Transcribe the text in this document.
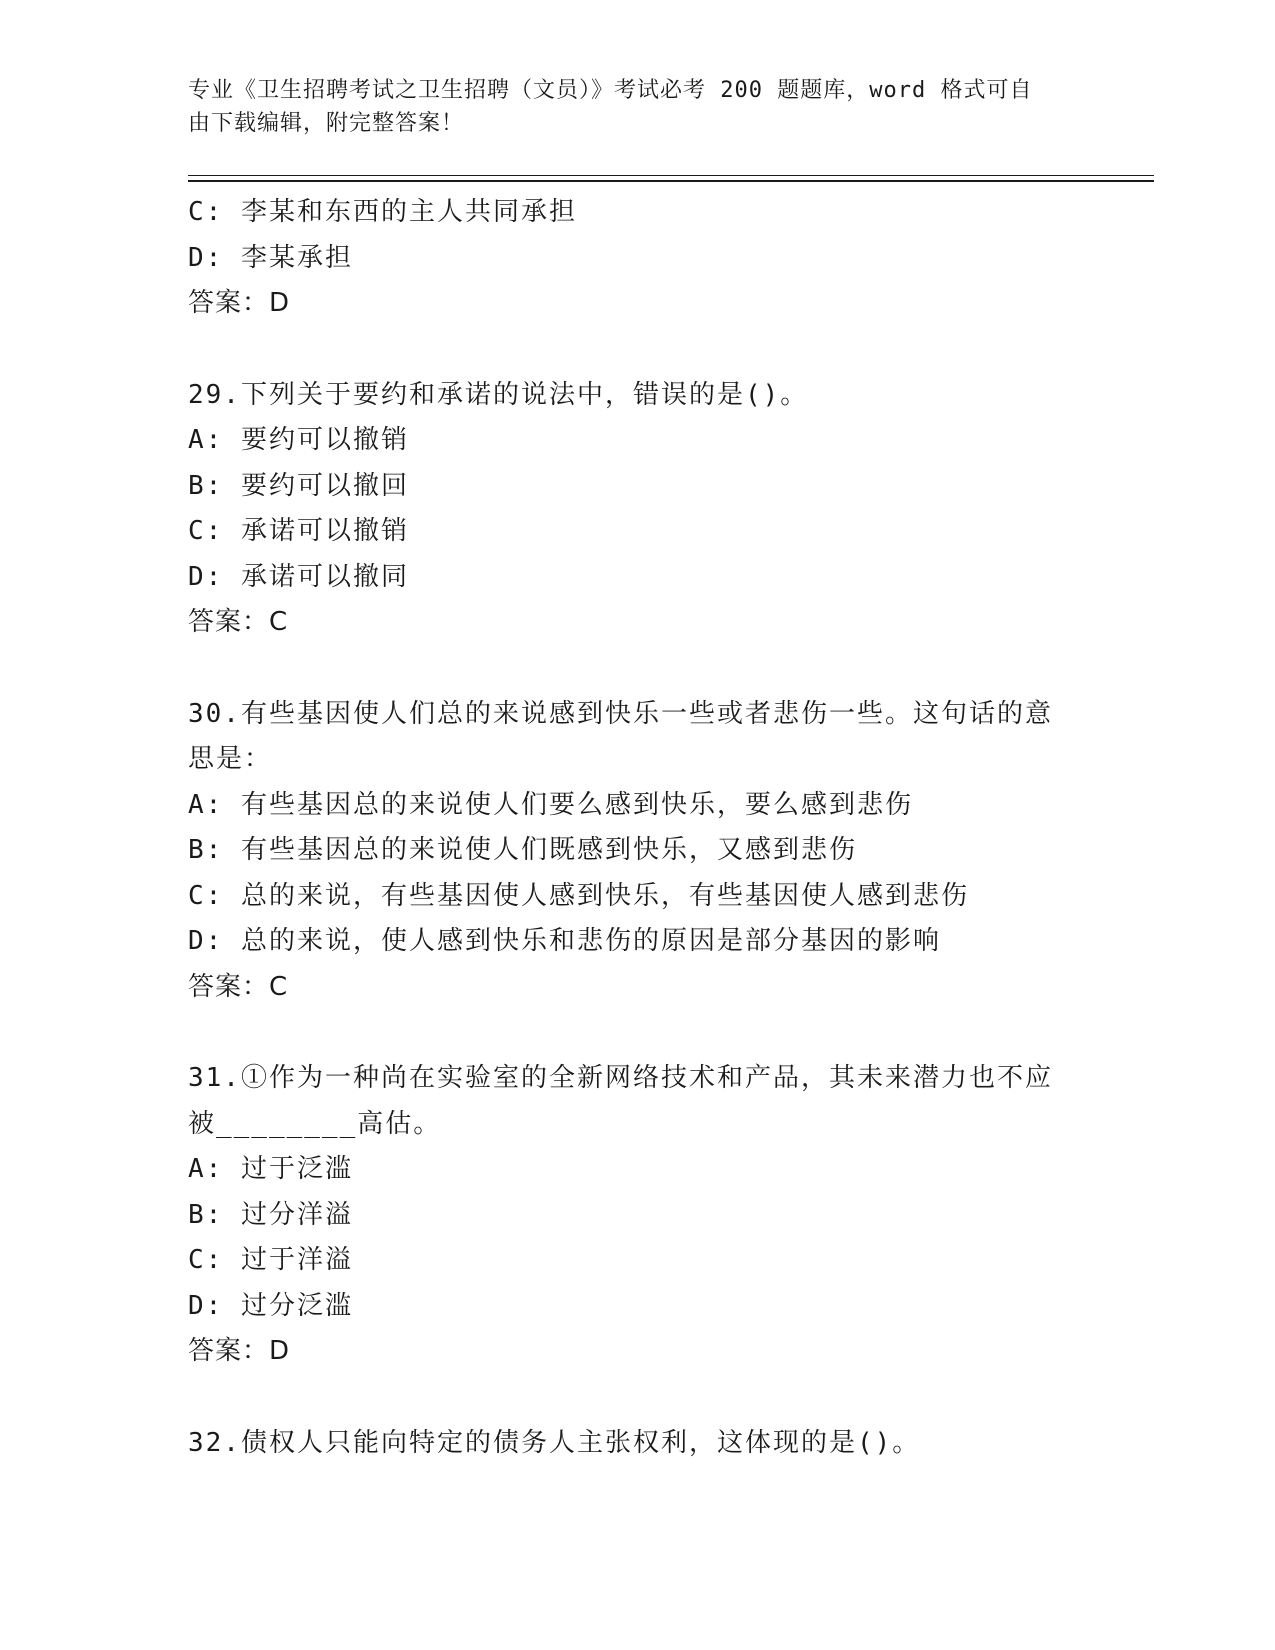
专业《卫生招聘考试之卫生招聘（文员）》考试必考 200 题题库，word 格式可自
由下载编辑，附完整答案！
C: 李某和东西的主人共同承担
D: 李某承担
答案：D
29.下列关于要约和承诺的说法中，错误的是()。
A: 要约可以撤销
B: 要约可以撤回
C: 承诺可以撤销
D: 承诺可以撤同
答案：C
30.有些基因使人们总的来说感到快乐一些或者悲伤一些。这句话的意
思是：
A: 有些基因总的来说使人们要么感到快乐，要么感到悲伤
B: 有些基因总的来说使人们既感到快乐，又感到悲伤
C: 总的来说，有些基因使人感到快乐，有些基因使人感到悲伤
D: 总的来说，使人感到快乐和悲伤的原因是部分基因的影响
答案：C
31.①作为一种尚在实验室的全新网络技术和产品，其未来潜力也不应
被________高估。
A: 过于泛滥
B: 过分洋溢
C: 过于洋溢
D: 过分泛滥
答案：D
32.债权人只能向特定的债务人主张权利，这体现的是()。
